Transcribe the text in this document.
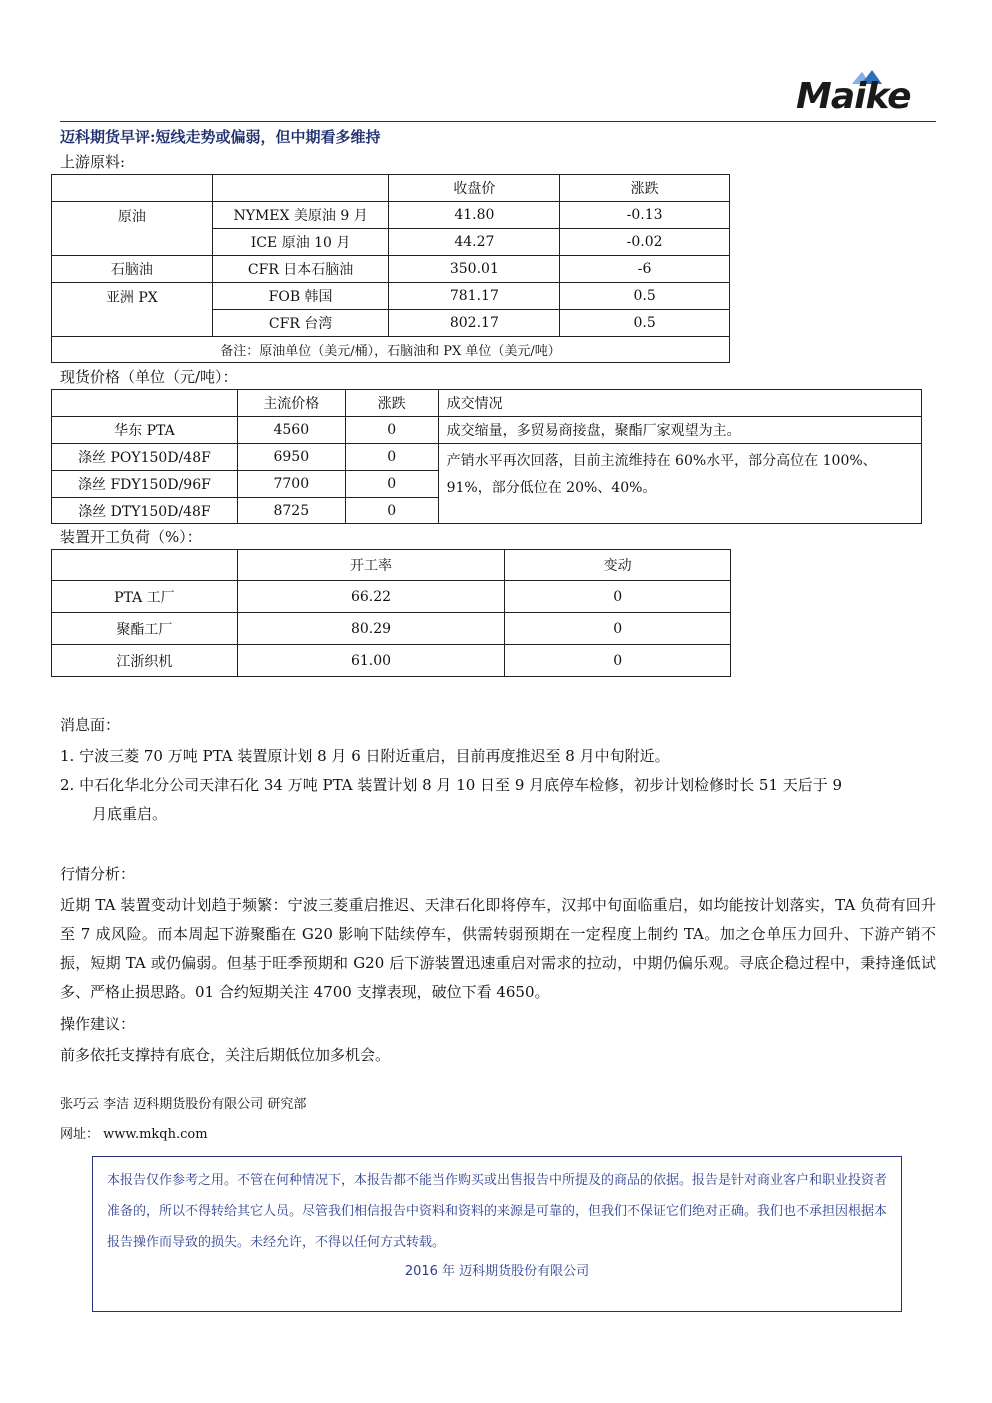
Maike
迈科期货早评:短线走势或偏弱，但中期看多维持
上游原料:
		收盘价	涨跌
原油	NYMEX 美原油 9 月	41.80	-0.13
	ICE 原油 10 月	44.27	-0.02
石脑油	CFR 日本石脑油	350.01	-6
亚洲 PX	FOB 韩国	781.17	0.5
	CFR 台湾	802.17	0.5
备注：原油单位（美元/桶），石脑油和 PX 单位（美元/吨）			
现货价格（单位（元/吨）：
	主流价格	涨跌	成交情况
华东 PTA	4560	0	成交缩量，多贸易商接盘，聚酯厂家观望为主。
涤丝 POY150D/48F	6950	0	产销水平再次回落，目前主流维持在 60%水平，部分高位在 100%、91%，部分低位在 20%、40%。
涤丝 FDY150D/96F	7700	0	
涤丝 DTY150D/48F	8725	0	
装置开工负荷（%）：
	开工率	变动
PTA 工厂	66.22	0
聚酯工厂	80.29	0
江浙织机	61.00	0
消息面：
1. 宁波三菱 70 万吨 PTA 装置原计划 8 月 6 日附近重启，目前再度推迟至 8 月中旬附近。
2. 中石化华北分公司天津石化 34 万吨 PTA 装置计划 8 月 10 日至 9 月底停车检修，初步计划检修时长 51 天后于 9
月底重启。
行情分析：
近期 TA 装置变动计划趋于频繁：宁波三菱重启推迟、天津石化即将停车，汉邦中旬面临重启，如均能按计划落实，TA 负荷有回升至 7 成风险。而本周起下游聚酯在 G20 影响下陆续停车，供需转弱预期在一定程度上制约 TA。加之仓单压力回升、下游产销不振，短期 TA 或仍偏弱。但基于旺季预期和 G20 后下游装置迅速重启对需求的拉动，中期仍偏乐观。寻底企稳过程中，秉持逢低试多、严格止损思路。01 合约短期关注 4700 支撑表现，破位下看 4650。
操作建议：
前多依托支撑持有底仓，关注后期低位加多机会。
张巧云 李洁 迈科期货股份有限公司 研究部
网址： www.mkqh.com
本报告仅作参考之用。不管在何种情况下，本报告都不能当作购买或出售报告中所提及的商品的依据。报告是针对商业客户和职业投资者准备的，所以不得转给其它人员。尽管我们相信报告中资料和资料的来源是可靠的，但我们不保证它们绝对正确。我们也不承担因根据本报告操作而导致的损失。未经允许，不得以任何方式转载。
2016 年 迈科期货股份有限公司
